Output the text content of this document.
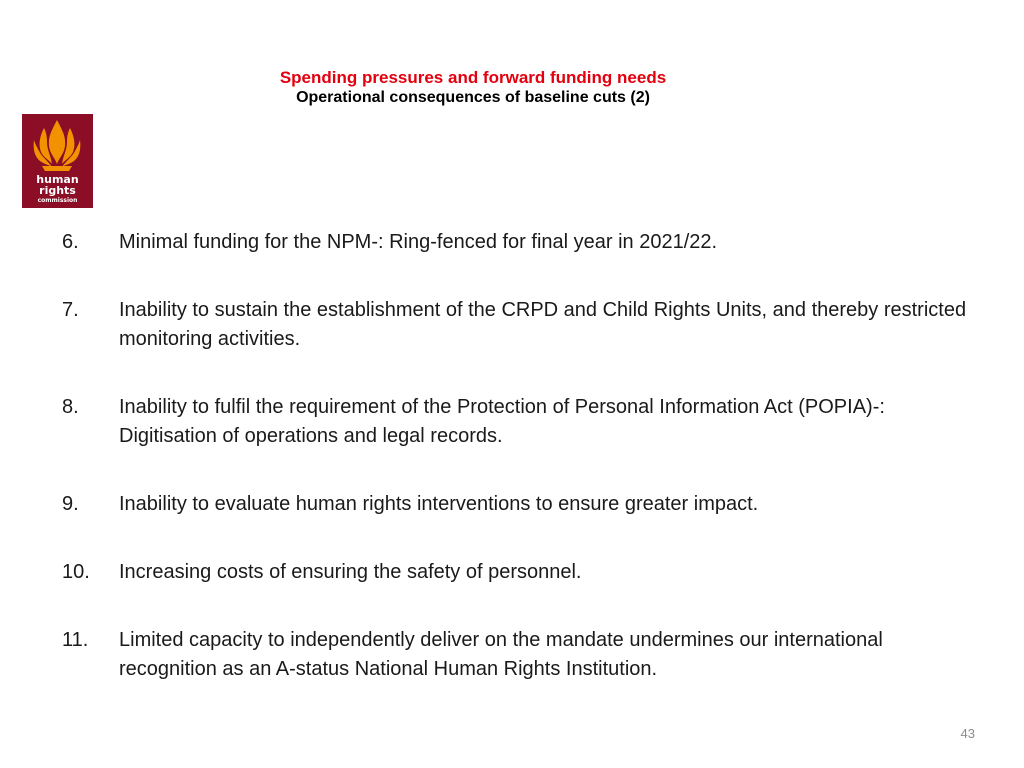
Spending pressures and forward funding needs
Operational consequences of baseline cuts (2)
human
rights
commission
6. Minimal funding for the NPM-: Ring-fenced for final year in 2021/22.
7. Inability to sustain the establishment of the CRPD and Child Rights Units, and thereby restricted monitoring activities.
8. Inability to fulfil the requirement of the Protection of Personal Information Act (POPIA)-: Digitisation of operations and legal records.
9. Inability to evaluate human rights interventions to ensure greater impact.
10. Increasing costs of ensuring the safety of personnel.
11. Limited capacity to independently deliver on the mandate undermines our international recognition as an A-status National Human Rights Institution.
43
